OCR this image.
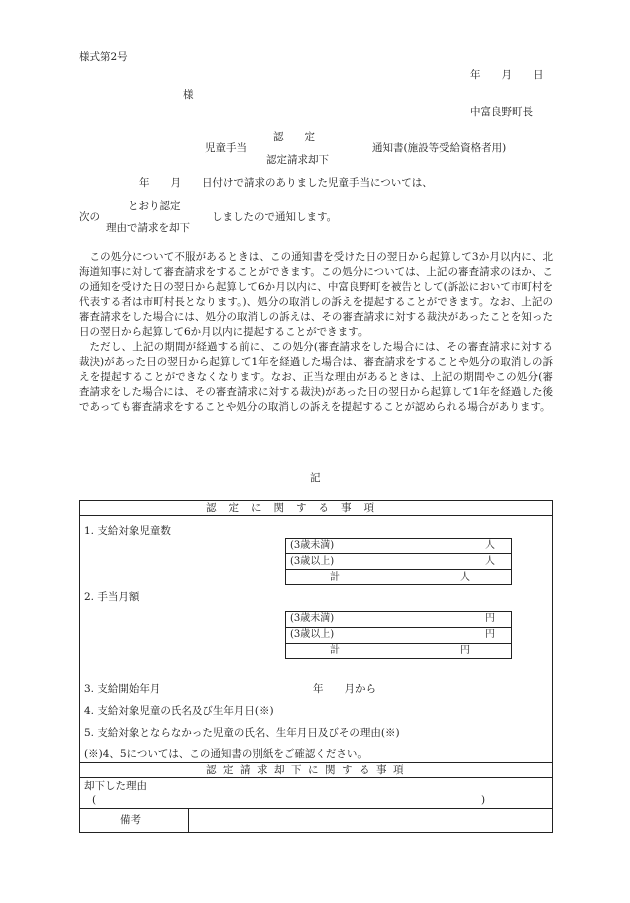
様式第2号
年　　月　　日
様
中富良野町長
認　　定
児童手当	通知書(施設等受給資格者用)
認定請求却下
年　　月　　日付けで請求のありました児童手当については、
とおり認定
次の	しましたので通知します。
理由で請求を却下

この処分について不服があるときは、この通知書を受けた日の翌日から起算して3か月以内に、北海道知事に対して審査請求をすることができます。この処分については、上記の審査請求のほか、この通知を受けた日の翌日から起算して6か月以内に、中富良野町を被告として(訴訟において市町村を代表する者は市町村長となります。)、処分の取消しの訴えを提起することができます。なお、上記の審査請求をした場合には、処分の取消しの訴えは、その審査請求に対する裁決があったことを知った日の翌日から起算して6か月以内に提起することができます。

ただし、上記の期間が経過する前に、この処分(審査請求をした場合には、その審査請求に対する裁決)があった日の翌日から起算して1年を経過した場合は、審査請求をすることや処分の取消しの訴えを提起することができなくなります。なお、正当な理由があるときは、上記の期間やこの処分(審査請求をした場合には、その審査請求に対する裁決)があった日の翌日から起算して1年を経過した後であっても審査請求をすることや処分の取消しの訴えを提起することが認められる場合があります。

記
認定に関する事項
1. 支給対象児童数
(3歳未満)	人
(3歳以上)	人
計	人
2. 手当月額
(3歳未満)	円
(3歳以上)	円
計	円
3. 支給開始年月	年　　月から
4. 支給対象児童の氏名及び生年月日(※)
5. 支給対象とならなかった児童の氏名、生年月日及びその理由(※)
(※)4、5については、この通知書の別紙をご確認ください。
認定請求却下に関する事項
却下した理由
(	)
備考
